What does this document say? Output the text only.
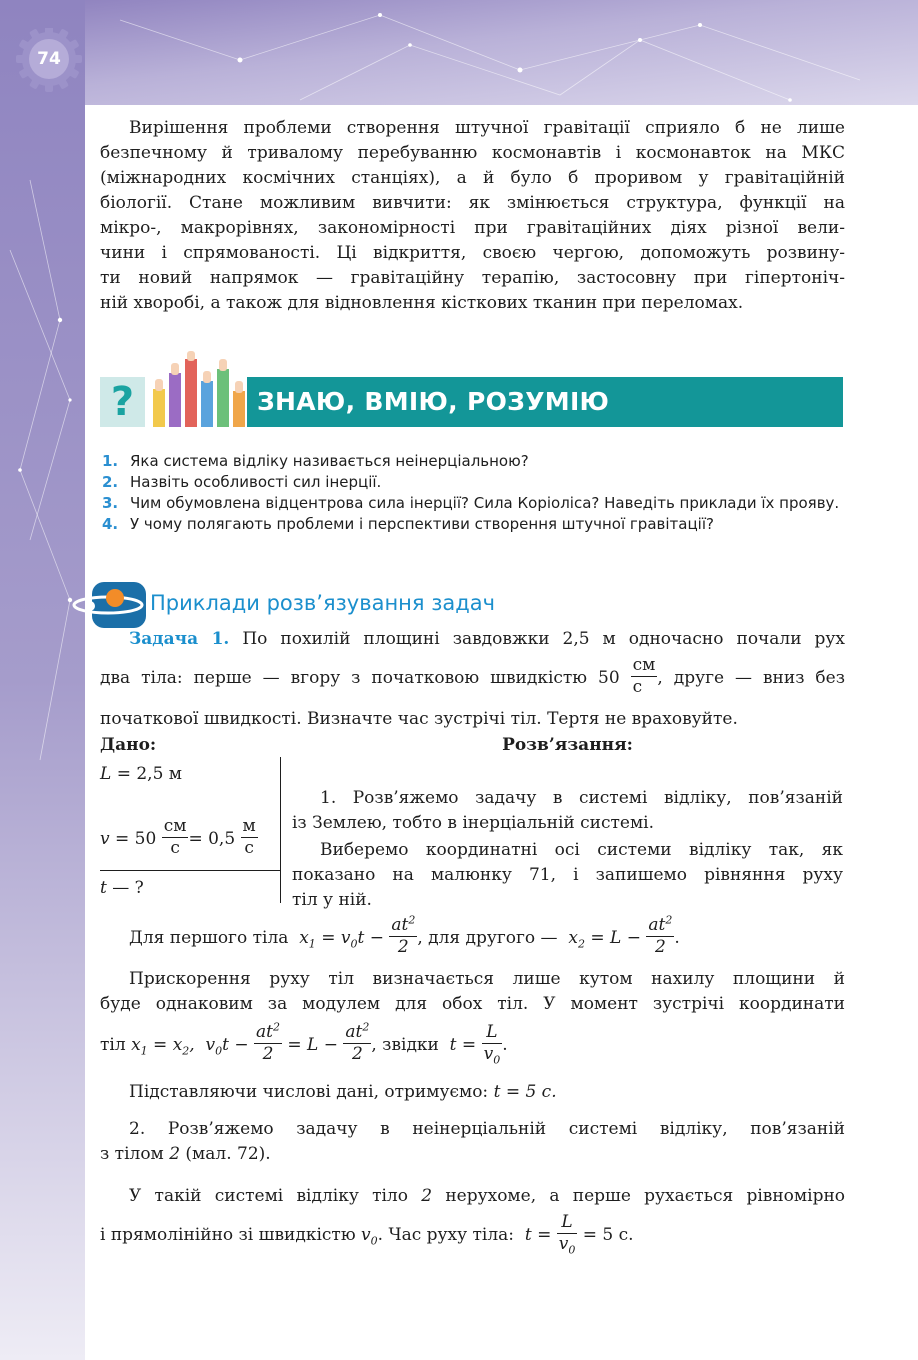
74
Вирішення проблеми створення штучної гравітації сприяло б не лише
безпечному й тривалому перебуванню космонавтів і космонавток на МКС
(міжнародних космічних станціях), а й було б проривом у гравітаційній
біології. Стане можливим вивчити: як змінюється структура, функції на
мікро-, макрорівнях, закономірності при гравітаційних діях різної вели-
чини і спрямованості. Ці відкриття, своєю чергою, допоможуть розвину-
ти новий напрямок — гравітаційну терапію, застосовну при гіпертоніч-
ній хворобі, а також для відновлення кісткових тканин при переломах.
?	ЗНАЮ, ВМІЮ, РОЗУМІЮ
1. Яка система відліку називається неінерціальною?
2. Назвіть особливості сил інерції.
3. Чим обумовлена відцентрова сила інерції? Сила Коріоліса? Наведіть приклади їх прояву.
4. У чому полягають проблеми і перспективи створення штучної гравітації?
Приклади розв’язування задач
Задача 1. По похилій площині завдовжки 2,5 м одночасно почали рух
два тіла: перше — вгору з початковою швидкістю $50 \frac{см}{с}$ , друге — вниз без
початкової швидкості. Визначте час зустрічі тіл. Тертя не враховуйте.
Дано:
L = 2,5 м
$v = 50 \frac{см}{с} = 0,5 \frac{м}{с}$
t — ?
Розв’язання:
1. Розв’яжемо задачу в системі відліку, пов’язаній
із Землею, тобто в інерціальній системі.
Виберемо координатні осі системи відліку так, як
показано на малюнку 71, і запишемо рівняння руху
тіл у ній.
Для першого тіла  $x_1 = v_0t - \frac{at^2}{2}$ , для другого —  $x_2 = L - \frac{at^2}{2}$ .
Прискорення руху тіл визначається лише кутом нахилу площини й
буде однаковим за модулем для обох тіл. У момент зустрічі координати
тіл $x_1 = x_2$,  $v_0t - \frac{at^2}{2} = L - \frac{at^2}{2}$ , звідки  $t = \frac{L}{v_0}$ .
Підставляючи числові дані, отримуємо: t = 5 с.
2. Розв’яжемо задачу в неінерціальній системі відліку, пов’язаній
з тілом 2 (мал. 72).
У такій системі відліку тіло 2 нерухоме, а перше рухається рівномірно
і прямолінійно зі швидкістю $v_0$. Час руху тіла:  $t = \frac{L}{v_0} = 5$ с.
